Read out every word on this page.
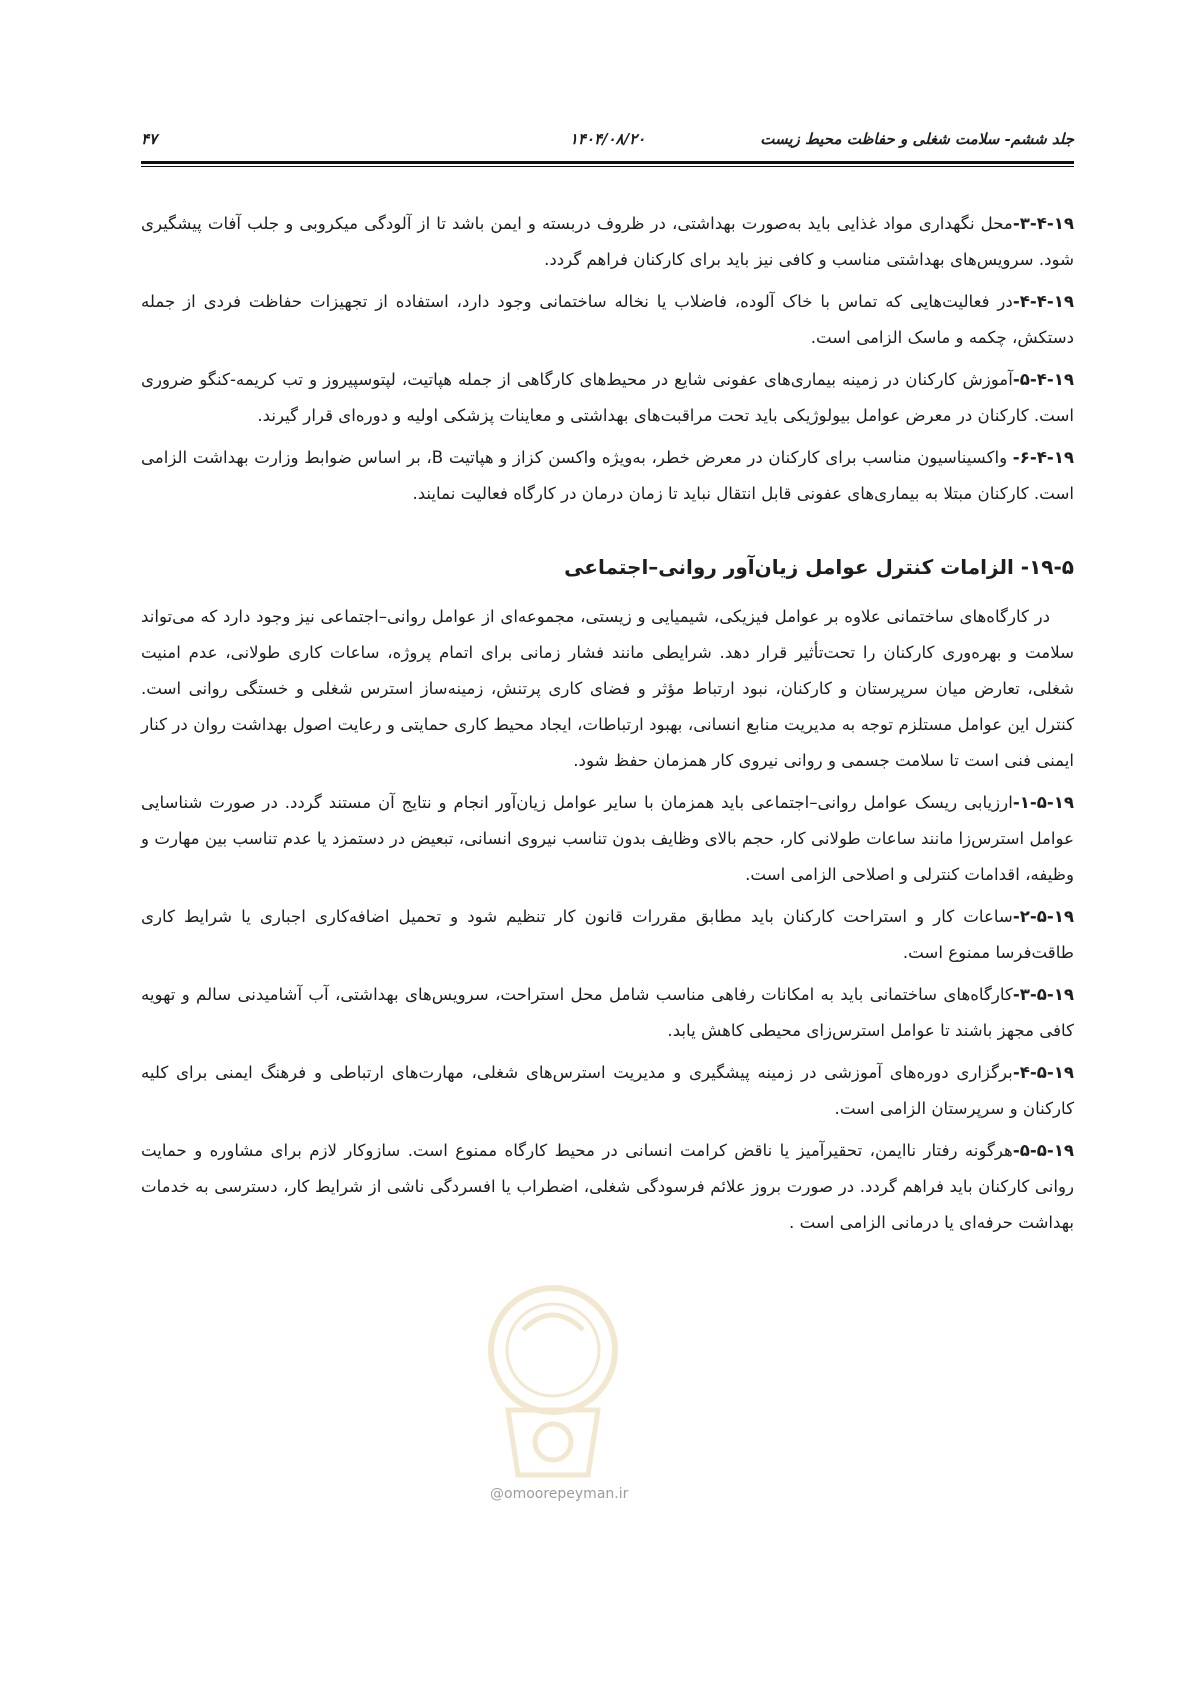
جلد ششم- سلامت شغلی و حفاظت محیط زیست
۱۴۰۴/۰۸/۲۰
۴۷
@omoorepeyman.ir

۳-۴-۱۹-محل نگهداری مواد غذایی باید به‌صورت بهداشتی، در ظروف دربسته و ایمن باشد تا از آلودگی میکروبی و جلب آفات پیشگیری شود. سرویس‌های بهداشتی مناسب و کافی نیز باید برای کارکنان فراهم گردد.

۴-۴-۱۹-در فعالیت‌هایی که تماس با خاک آلوده، فاضلاب یا نخاله ساختمانی وجود دارد، استفاده از تجهیزات حفاظت فردی از جمله دستکش، چکمه و ماسک الزامی است.

۵-۴-۱۹-آموزش کارکنان در زمینه بیماری‌های عفونی شایع در محیط‌های کارگاهی از جمله هپاتیت، لپتوسپیروز و تب کریمه-کنگو ضروری است. کارکنان در معرض عوامل بیولوژیکی باید تحت مراقبت‌های بهداشتی و معاینات پزشکی اولیه و دوره‌ای قرار گیرند.

۶-۴-۱۹- واکسیناسیون مناسب برای کارکنان در معرض خطر، به‌ویژه واکسن کزاز و هپاتیت B، بر اساس ضوابط وزارت بهداشت الزامی است. کارکنان مبتلا به بیماری‌های عفونی قابل انتقال نباید تا زمان درمان در کارگاه فعالیت نمایند.

۱۹-۵- الزامات کنترل عوامل زیان‌آور روانی–اجتماعی

در کارگاه‌های ساختمانی علاوه بر عوامل فیزیکی، شیمیایی و زیستی، مجموعه‌ای از عوامل روانی–اجتماعی نیز وجود دارد که می‌تواند سلامت و بهره‌وری کارکنان را تحت‌تأثیر قرار دهد. شرایطی مانند فشار زمانی برای اتمام پروژه، ساعات کاری طولانی، عدم امنیت شغلی، تعارض میان سرپرستان و کارکنان، نبود ارتباط مؤثر و فضای کاری پرتنش، زمینه‌ساز استرس شغلی و خستگی روانی است. کنترل این عوامل مستلزم توجه به مدیریت منابع انسانی، بهبود ارتباطات، ایجاد محیط کاری حمایتی و رعایت اصول بهداشت روان در کنار ایمنی فنی است تا سلامت جسمی و روانی نیروی کار همزمان حفظ شود.

۱-۵-۱۹-ارزیابی ریسک عوامل روانی–اجتماعی باید همزمان با سایر عوامل زیان‌آور انجام و نتایج آن مستند گردد. در صورت شناسایی عوامل استرس‌زا مانند ساعات طولانی کار، حجم بالای وظایف بدون تناسب نیروی انسانی، تبعیض در دستمزد یا عدم تناسب بین مهارت و وظیفه، اقدامات کنترلی و اصلاحی الزامی است.

۲-۵-۱۹-ساعات کار و استراحت کارکنان باید مطابق مقررات قانون کار تنظیم شود و تحمیل اضافه‌کاری اجباری یا شرایط کاری طاقت‌فرسا ممنوع است.

۳-۵-۱۹-کارگاه‌های ساختمانی باید به امکانات رفاهی مناسب شامل محل استراحت، سرویس‌های بهداشتی، آب آشامیدنی سالم و تهویه کافی مجهز باشند تا عوامل استرس‌زای محیطی کاهش یابد.

۴-۵-۱۹-برگزاری دوره‌های آموزشی در زمینه پیشگیری و مدیریت استرس‌های شغلی، مهارت‌های ارتباطی و فرهنگ ایمنی برای کلیه کارکنان و سرپرستان الزامی است.

۵-۵-۱۹-هرگونه رفتار ناایمن، تحقیرآمیز یا ناقض کرامت انسانی در محیط کارگاه ممنوع است. سازوکار لازم برای مشاوره و حمایت روانی کارکنان باید فراهم گردد. در صورت بروز علائم فرسودگی شغلی، اضطراب یا افسردگی ناشی از شرایط کار، دسترسی به خدمات بهداشت حرفه‌ای یا درمانی الزامی است .
